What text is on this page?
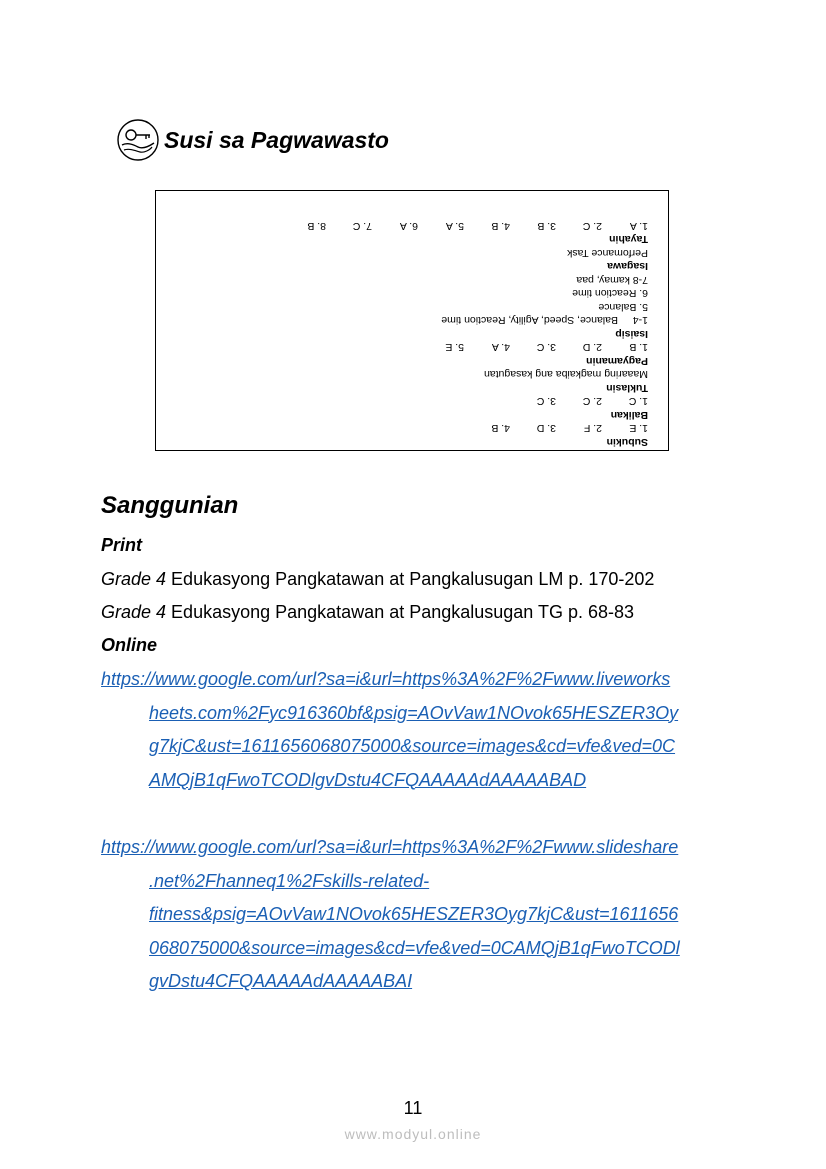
Susi sa Pagwawasto
Subukin
1. E
2. F
3. D
4. B
Balikan
1. C
2. C
3. C
Tuklasin
Maaaring magkaiba ang kasagutan
Pagyamanin
1. B
2. D
3. C
4. A
5. E
Isaisip
1-4
Balance, Speed, Agility, Reaction time
5. Balance
6. Reaction time
7-8 kamay, paa
Isagawa
Perfomance Task
Tayahin
1. A
2. C
3. B
4. B
5. A
6. A
7. C
8. B
Sanggunian
Print
Grade 4 Edukasyong Pangkatawan at Pangkalusugan LM p. 170-202
Grade 4 Edukasyong Pangkatawan at Pangkalusugan TG p. 68-83
Online
https://www.google.com/url?sa=i&url=https%3A%2F%2Fwww.liveworks
heets.com%2Fyc916360bf&psig=AOvVaw1NOvok65HESZER3Oy
g7kjC&ust=1611656068075000&source=images&cd=vfe&ved=0C
AMQjB1qFwoTCODlgvDstu4CFQAAAAAdAAAAABAD
https://www.google.com/url?sa=i&url=https%3A%2F%2Fwww.slideshare
.net%2Fhanneq1%2Fskills-related-
fitness&psig=AOvVaw1NOvok65HESZER3Oyg7kjC&ust=1611656
068075000&source=images&cd=vfe&ved=0CAMQjB1qFwoTCODl
gvDstu4CFQAAAAAdAAAAABAI
11
www.modyul.online
